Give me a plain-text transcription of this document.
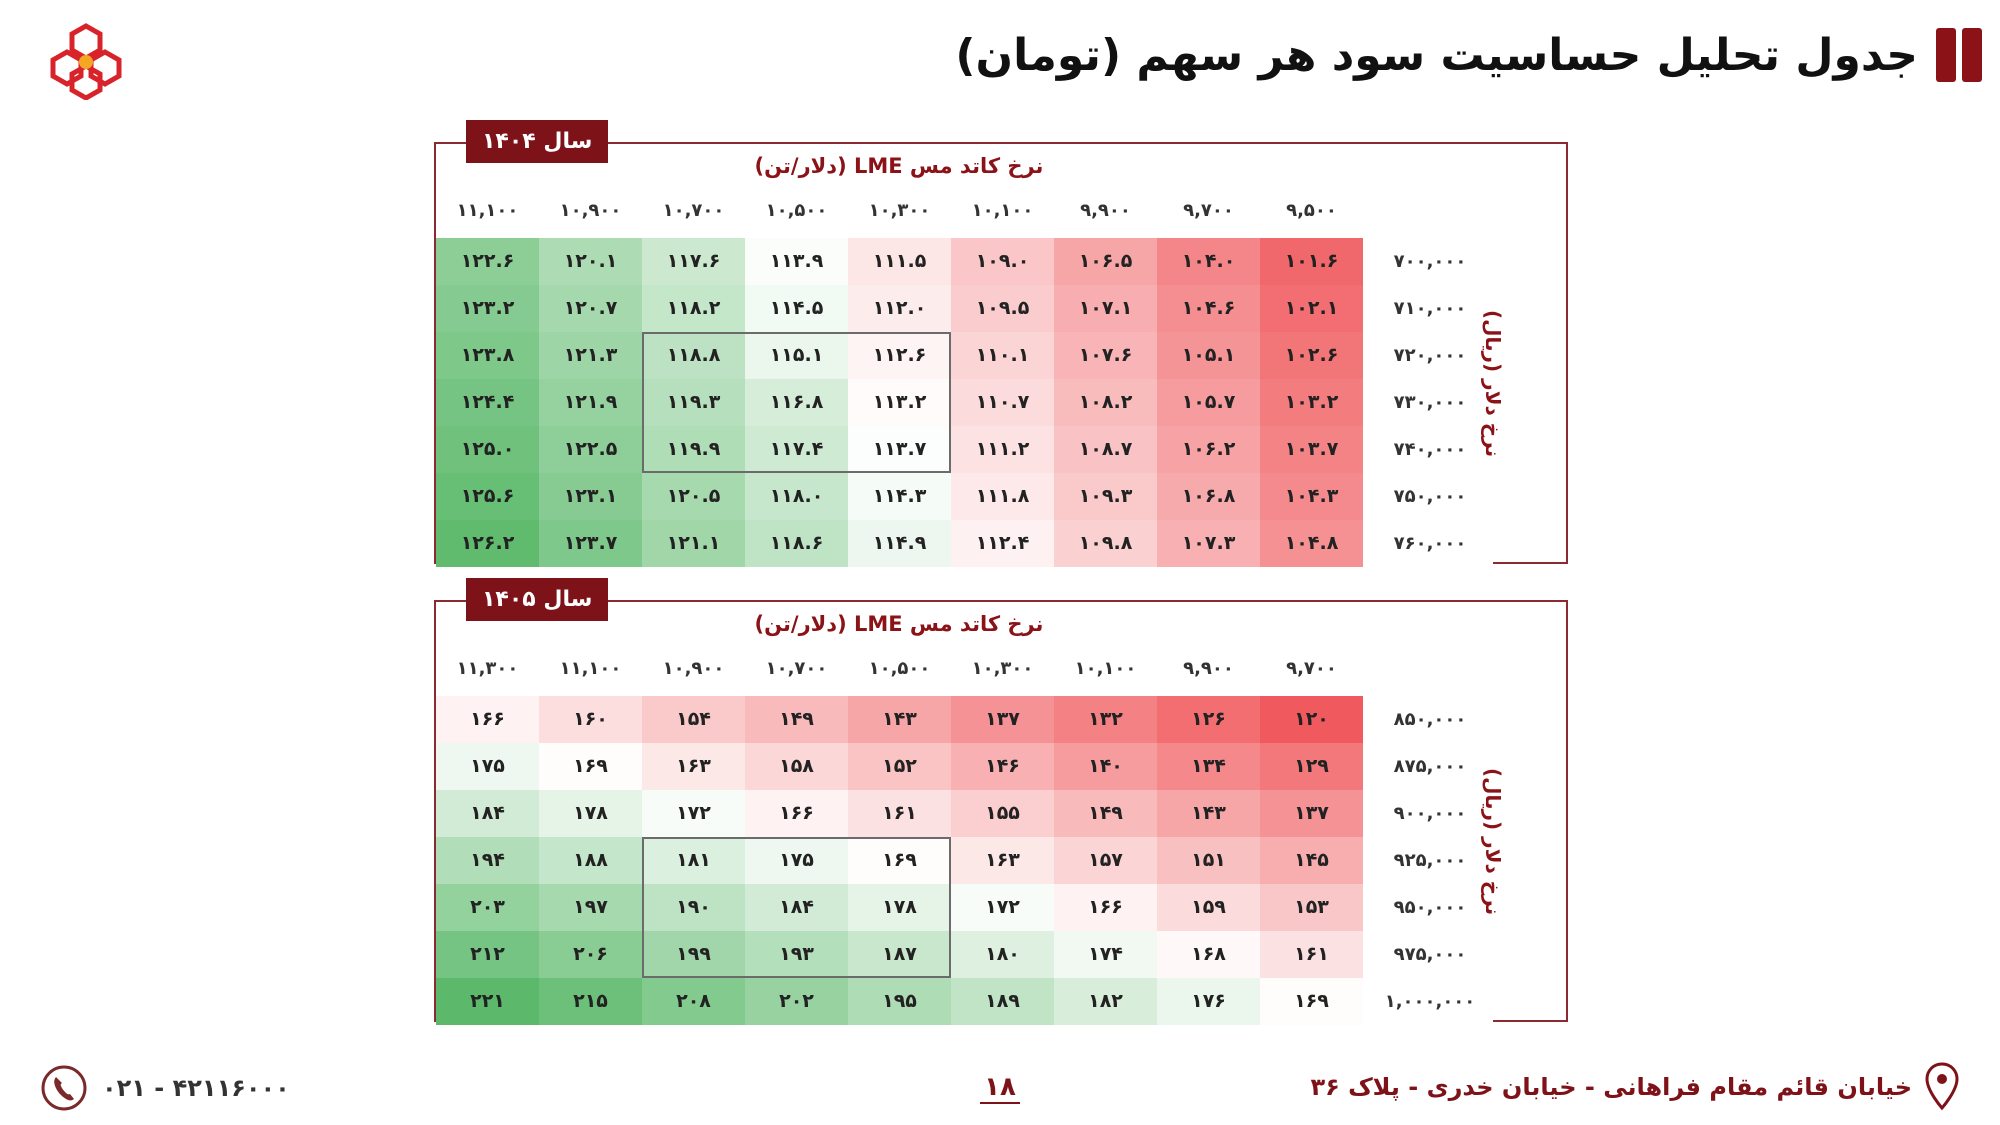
جدول تحلیل حساسیت سود هر سهم (تومان)
سال ۱۴۰۴
نرخ کاتد مس LME (دلار/تن)
۱۱,۱۰۰	۱۰,۹۰۰	۱۰,۷۰۰	۱۰,۵۰۰	۱۰,۳۰۰	۱۰,۱۰۰	۹,۹۰۰	۹,۷۰۰	۹,۵۰۰
۱۲۲.۶	۱۲۰.۱	۱۱۷.۶	۱۱۳.۹	۱۱۱.۵	۱۰۹.۰	۱۰۶.۵	۱۰۴.۰	۱۰۱.۶	۷۰۰,۰۰۰
۱۲۳.۲	۱۲۰.۷	۱۱۸.۲	۱۱۴.۵	۱۱۲.۰	۱۰۹.۵	۱۰۷.۱	۱۰۴.۶	۱۰۲.۱	۷۱۰,۰۰۰
۱۲۳.۸	۱۲۱.۳	۱۱۸.۸	۱۱۵.۱	۱۱۲.۶	۱۱۰.۱	۱۰۷.۶	۱۰۵.۱	۱۰۲.۶	۷۲۰,۰۰۰
۱۲۴.۴	۱۲۱.۹	۱۱۹.۳	۱۱۶.۸	۱۱۳.۲	۱۱۰.۷	۱۰۸.۲	۱۰۵.۷	۱۰۳.۲	۷۳۰,۰۰۰
۱۲۵.۰	۱۲۲.۵	۱۱۹.۹	۱۱۷.۴	۱۱۳.۷	۱۱۱.۲	۱۰۸.۷	۱۰۶.۲	۱۰۳.۷	۷۴۰,۰۰۰
۱۲۵.۶	۱۲۳.۱	۱۲۰.۵	۱۱۸.۰	۱۱۴.۳	۱۱۱.۸	۱۰۹.۳	۱۰۶.۸	۱۰۴.۳	۷۵۰,۰۰۰
۱۲۶.۲	۱۲۳.۷	۱۲۱.۱	۱۱۸.۶	۱۱۴.۹	۱۱۲.۴	۱۰۹.۸	۱۰۷.۳	۱۰۴.۸	۷۶۰,۰۰۰
نرخ دلار (ریال)
سال ۱۴۰۵
نرخ کاتد مس LME (دلار/تن)
۱۱,۳۰۰	۱۱,۱۰۰	۱۰,۹۰۰	۱۰,۷۰۰	۱۰,۵۰۰	۱۰,۳۰۰	۱۰,۱۰۰	۹,۹۰۰	۹,۷۰۰
۱۶۶	۱۶۰	۱۵۴	۱۴۹	۱۴۳	۱۳۷	۱۳۲	۱۲۶	۱۲۰	۸۵۰,۰۰۰
۱۷۵	۱۶۹	۱۶۳	۱۵۸	۱۵۲	۱۴۶	۱۴۰	۱۳۴	۱۲۹	۸۷۵,۰۰۰
۱۸۴	۱۷۸	۱۷۲	۱۶۶	۱۶۱	۱۵۵	۱۴۹	۱۴۳	۱۳۷	۹۰۰,۰۰۰
۱۹۴	۱۸۸	۱۸۱	۱۷۵	۱۶۹	۱۶۳	۱۵۷	۱۵۱	۱۴۵	۹۲۵,۰۰۰
۲۰۳	۱۹۷	۱۹۰	۱۸۴	۱۷۸	۱۷۲	۱۶۶	۱۵۹	۱۵۳	۹۵۰,۰۰۰
۲۱۲	۲۰۶	۱۹۹	۱۹۳	۱۸۷	۱۸۰	۱۷۴	۱۶۸	۱۶۱	۹۷۵,۰۰۰
۲۲۱	۲۱۵	۲۰۸	۲۰۲	۱۹۵	۱۸۹	۱۸۲	۱۷۶	۱۶۹	۱,۰۰۰,۰۰۰
نرخ دلار (ریال)
۰۲۱ - ۴۲۱۱۶۰۰۰	۱۸	خیابان قائم مقام فراهانی - خیابان خدری - پلاک ۳۶
